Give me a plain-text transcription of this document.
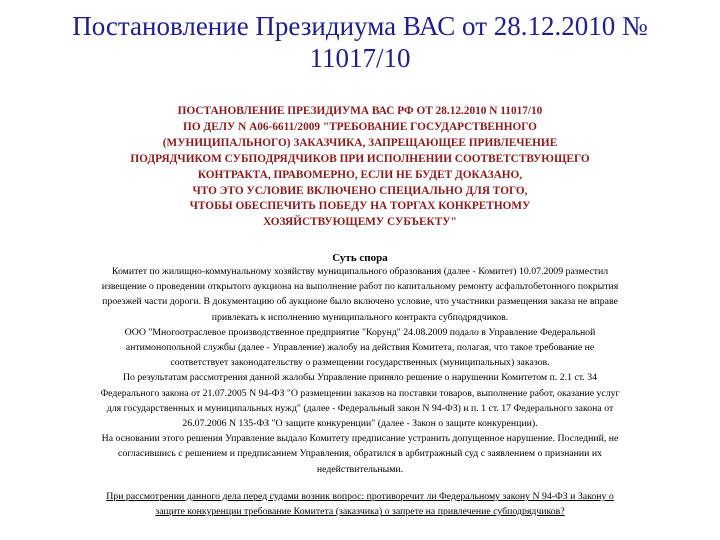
Постановление Президиума ВАС от 28.12.2010 №
11017/10
ПОСТАНОВЛЕНИЕ ПРЕЗИДИУМА ВАС РФ ОТ 28.12.2010 N 11017/10
ПО ДЕЛУ N А06-6611/2009 "ТРЕБОВАНИЕ ГОСУДАРСТВЕННОГО
(МУНИЦИПАЛЬНОГО) ЗАКАЗЧИКА, ЗАПРЕЩАЮЩЕЕ ПРИВЛЕЧЕНИЕ
ПОДРЯДЧИКОМ СУБПОДРЯДЧИКОВ ПРИ ИСПОЛНЕНИИ СООТВЕТСТВУЮЩЕГО
КОНТРАКТА, ПРАВОМЕРНО, ЕСЛИ НЕ БУДЕТ ДОКАЗАНО,
ЧТО ЭТО УСЛОВИЕ ВКЛЮЧЕНО СПЕЦИАЛЬНО ДЛЯ ТОГО,
ЧТОБЫ ОБЕСПЕЧИТЬ ПОБЕДУ НА ТОРГАХ КОНКРЕТНОМУ
ХОЗЯЙСТВУЮЩЕМУ СУБЪЕКТУ"
Суть спора
Комитет по жилищно-коммунальному хозяйству муниципального образования (далее - Комитет) 10.07.2009 разместил
извещение о проведении открытого аукциона на выполнение работ по капитальному ремонту асфальтобетонного покрытия
проезжей части дороги. В документацию об аукционе было включено условие, что участники размещения заказа не вправе
привлекать к исполнению муниципального контракта субподрядчиков.
ООО "Многоотраслевое производственное предприятие "Корунд" 24.08.2009 подало в Управление Федеральной
антимонопольной службы (далее - Управление) жалобу на действия Комитета, полагая, что такое требование не
соответствует законодательству о размещении государственных (муниципальных) заказов.
По результатам рассмотрения данной жалобы Управление приняло решение о нарушении Комитетом п. 2.1 ст. 34
Федерального закона от 21.07.2005 N 94-ФЗ "О размещении заказов на поставки товаров, выполнение работ, оказание услуг
для государственных и муниципальных нужд" (далее - Федеральный закон N 94-ФЗ) и п. 1 ст. 17 Федерального закона от
26.07.2006 N 135-ФЗ "О защите конкуренции" (далее - Закон о защите конкуренции).
На основании этого решения Управление выдало Комитету предписание устранить допущенное нарушение. Последний, не
согласившись с решением и предписанием Управления, обратился в арбитражный суд с заявлением о признании их
недействительными.
При рассмотрении данного дела перед судами возник вопрос: противоречит ли Федеральному закону N 94-ФЗ и Закону о
защите конкуренции требование Комитета (заказчика) о запрете на привлечение субподрядчиков?
